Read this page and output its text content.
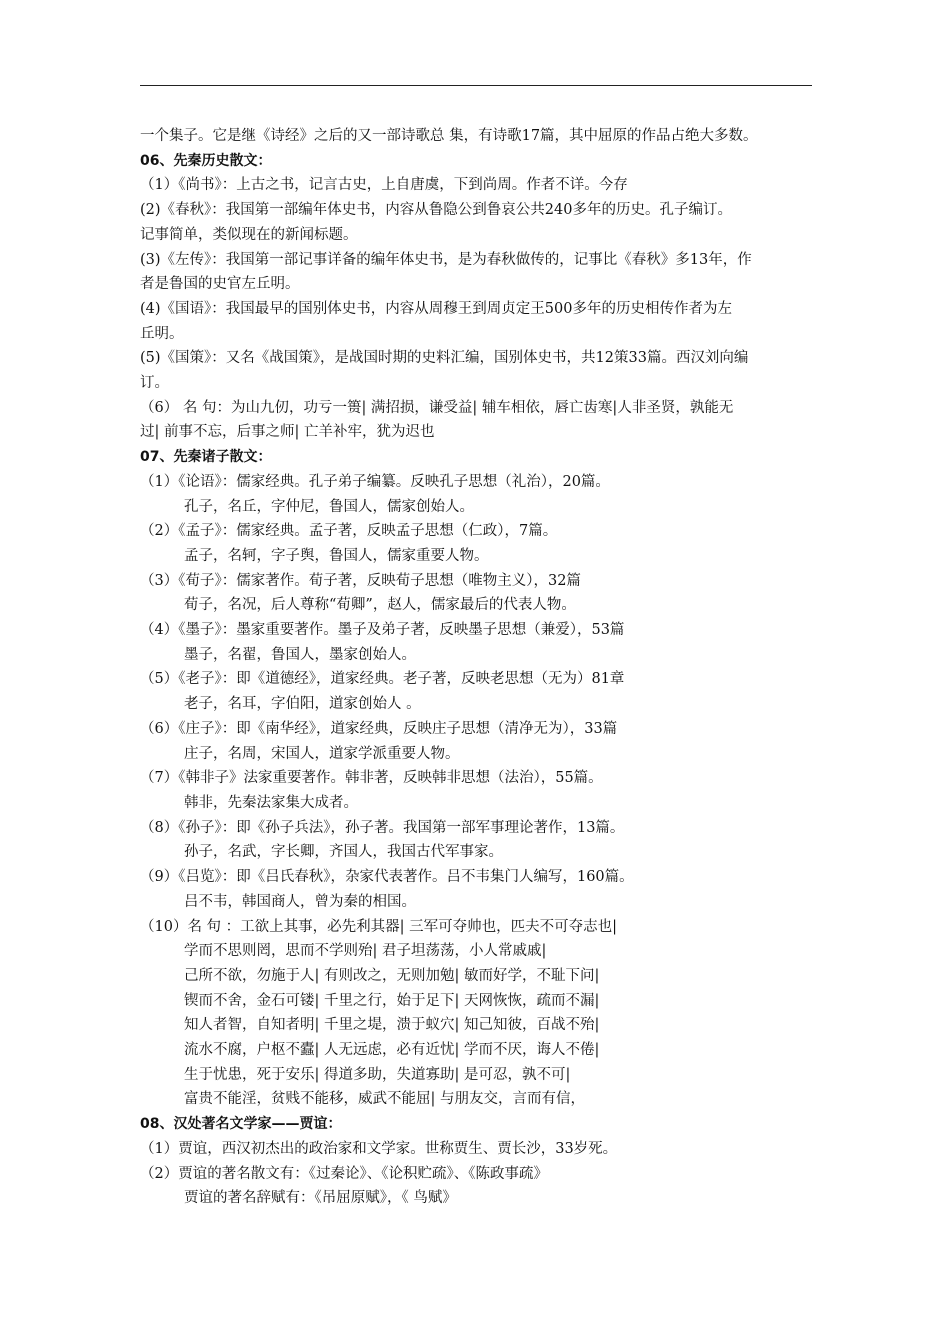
一个集子。它是继《诗经》之后的又一部诗歌总 集，有诗歌17篇，其中屈原的作品占绝大多数。
06、先秦历史散文：
（1）《尚书》：上古之书，记言古史，上自唐虞，下到尚周。作者不详。今存
(2)《春秋》：我国第一部编年体史书，内容从鲁隐公到鲁哀公共240多年的历史。孔子编订。
记事简单，类似现在的新闻标题。
(3)《左传》：我国第一部记事详备的编年体史书，是为春秋做传的，记事比《春秋》多13年，作
者是鲁国的史官左丘明。
(4)《国语》：我国最早的国别体史书，内容从周穆王到周贞定王500多年的历史相传作者为左
丘明。
(5)《国策》：又名《战国策》，是战国时期的史料汇编，国别体史书，共12策33篇。西汉刘向编
订。
（6） 名 句：为山九仞，功亏一篑| 满招损，谦受益| 辅车相依，唇亡齿寒|人非圣贤，孰能无
过| 前事不忘，后事之师| 亡羊补牢，犹为迟也
07、先秦诸子散文：
（1）《论语》：儒家经典。孔子弟子编纂。反映孔子思想（礼治），20篇。
孔子，名丘，字仲尼，鲁国人，儒家创始人。
（2）《孟子》：儒家经典。孟子著，反映孟子思想（仁政），7篇。
孟子，名轲，字子舆，鲁国人，儒家重要人物。
（3）《荀子》：儒家著作。荀子著，反映荀子思想（唯物主义），32篇
荀子，名况，后人尊称“荀卿”，赵人，儒家最后的代表人物。
（4）《墨子》：墨家重要著作。墨子及弟子著，反映墨子思想（兼爱），53篇
墨子，名翟，鲁国人，墨家创始人。
（5）《老子》：即《道德经》，道家经典。老子著，反映老思想（无为）81章
老子，名耳，字伯阳，道家创始人 。
（6）《庄子》：即《南华经》，道家经典，反映庄子思想（清净无为），33篇
庄子，名周，宋国人，道家学派重要人物。
（7）《韩非子》法家重要著作。韩非著，反映韩非思想（法治），55篇。
韩非，先秦法家集大成者。
（8）《孙子》：即《孙子兵法》，孙子著。我国第一部军事理论著作，13篇。
孙子，名武，字长卿，齐国人，我国古代军事家。
（9）《吕览》：即《吕氏春秋》，杂家代表著作。吕不韦集门人编写，160篇。
吕不韦，韩国商人，曾为秦的相国。
（10）名 句 ：工欲上其事，必先利其器| 三军可夺帅也，匹夫不可夺志也|
学而不思则罔，思而不学则殆| 君子坦荡荡，小人常戚戚|
己所不欲，勿施于人| 有则改之，无则加勉| 敏而好学，不耻下问|
锲而不舍，金石可镂| 千里之行，始于足下| 天网恢恢，疏而不漏|
知人者智，自知者明| 千里之堤，溃于蚁穴| 知己知彼，百战不殆|
流水不腐，户枢不蠹| 人无远虑，必有近忧| 学而不厌，诲人不倦|
生于忧患，死于安乐| 得道多助，失道寡助| 是可忍，孰不可|
富贵不能淫，贫贱不能移，威武不能屈| 与朋友交，言而有信，
08、汉处著名文学家——贾谊：
（1）贾谊，西汉初杰出的政治家和文学家。世称贾生、贾长沙，33岁死。
（2）贾谊的著名散文有：《过秦论》、《论积贮疏》、《陈政事疏》
贾谊的著名辞赋有：《吊屈原赋》，《 鸟赋》
